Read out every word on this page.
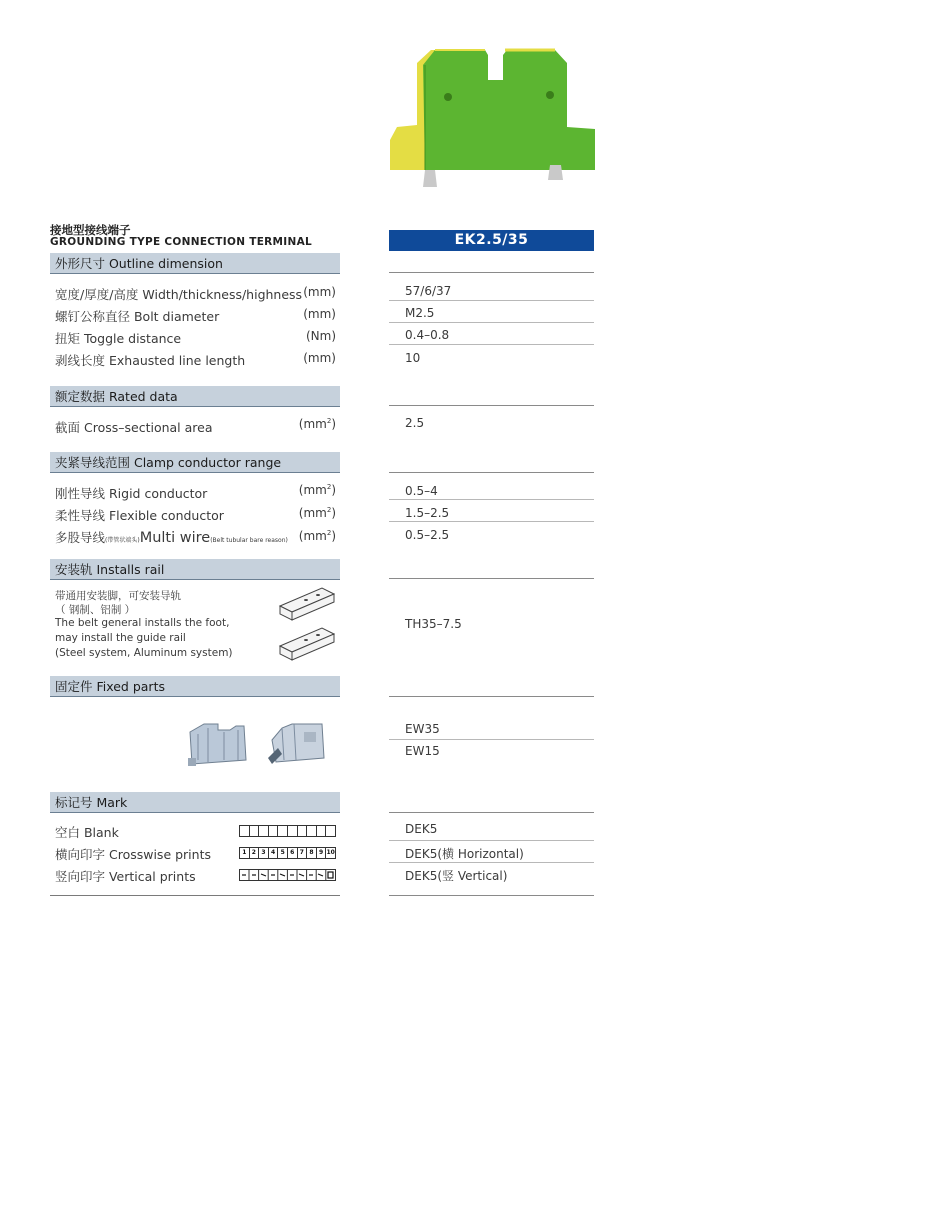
接地型接线端子
GROUNDING TYPE CONNECTION TERMINAL	EK2.5/35
外形尺寸 Outline dimension
宽度/厚度/高度 Width/thickness/highness (mm)	57/6/37
螺钉公称直径 Bolt diameter	(mm)	M2.5
扭矩 Toggle distance	(Nm)	0.4–0.8
剥线长度 Exhausted line length	(mm)	10
额定数据 Rated data
截面 Cross–sectional area	$(mm^2)$	2.5
夹紧导线范围 Clamp conductor range
刚性导线 Rigid conductor	$(mm^2)$	0.5–4
柔性导线 Flexible conductor	$(mm^2)$	1.5–2.5
多股导线(带管状端头)Multi wire(Belt tubular bare reason) $(mm^2)$	0.5–2.5
安装轨 Installs rail
带通用安装脚，可安装导轨
（ 钢制、铝制 ）
The belt general installs the foot,
may install the guide rail
(Steel system, Aluminum system)
TH35–7.5
固定件 Fixed parts
EW35
EW15
标记号 Mark
空白 Blank	DEK5
横向印字 Crosswise prints	1 2 3 4 5 6 7 8 9 10	DEK5(横 Horizontal)
竖向印字 Vertical prints	DEK5(竖 Vertical)
